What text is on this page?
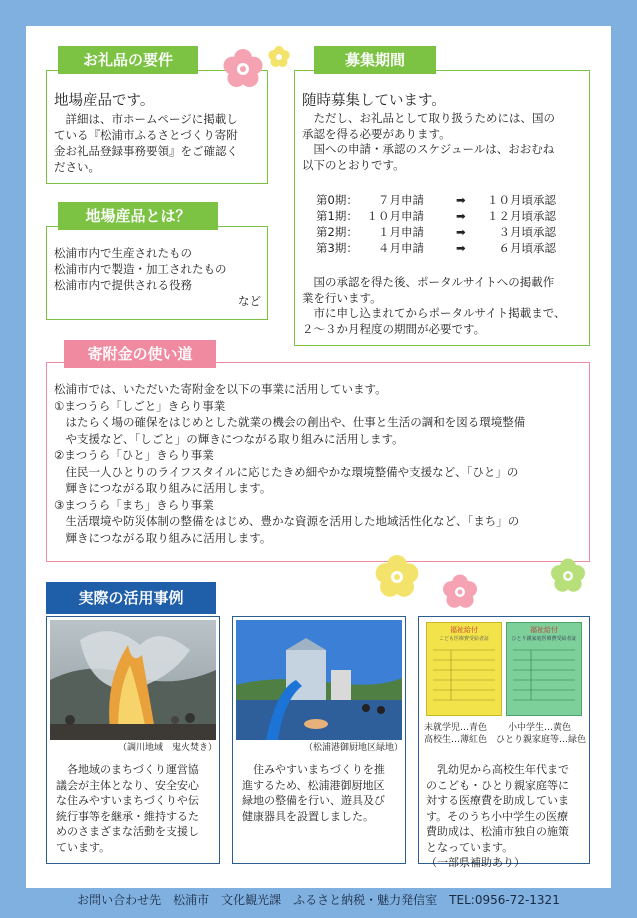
お礼品の要件
地場産品です。
　詳細は、市ホームページに掲載し
ている『松浦市ふるさとづくり寄附
金お礼品登録事務要領』をご確認く
ださい。
地場産品とは？
松浦市内で生産されたもの
松浦市内で製造・加工されたもの
松浦市内で提供される役務
など
募集期間
随時募集しています。
　ただし、お礼品として取り扱うためには、国の
承認を得る必要があります。
　国への申請・承認のスケジュールは、おおむね
以下のとおりです。
第0期：	７月申請	➡	１０月頃承認
第1期： １０月申請	➡	１２月頃承認
第2期：	１月申請	➡	３月頃承認
第3期：	４月申請	➡	６月頃承認
　国の承認を得た後、ポータルサイトへの掲載作
業を行います。
　市に申し込まれてからポータルサイト掲載まで、
２～３か月程度の期間が必要です。
寄附金の使い道
松浦市では、いただいた寄附金を以下の事業に活用しています。
①まつうら「しごと」きらり事業
　はたらく場の確保をはじめとした就業の機会の創出や、仕事と生活の調和を図る環境整備
　や支援など、「しごと」の輝きにつながる取り組みに活用します。
②まつうら「ひと」きらり事業
　住民一人ひとりのライフスタイルに応じたきめ細やかな環境整備や支援など、「ひと」の
　輝きにつながる取り組みに活用します。
③まつうら「まち」きらり事業
　生活環境や防災体制の整備をはじめ、豊かな資源を活用した地域活性化など、「まち」の
　輝きにつながる取り組みに活用します。
実際の活用事例
（調川地域　鬼火焚き）
　各地域のまちづくり運営協
議会が主体となり、安全安心
な住みやすいまちづくりや伝
統行事等を継承・維持するた
めのさまざまな活動を支援し
ています。
（松浦港御厨地区緑地）
　住みやすいまちづくりを推
進するため、松浦港御厨地区
緑地の整備を行い、遊具及び
健康器具を設置しました。
福祉給付
こども医療費受給者証
福祉給付
ひとり親家庭医療費受給者証
未就学児…青色 小中学生…黄色
高校生…薄紅色 ひとり親家庭等…緑色
　乳幼児から高校生年代まで
のこども・ひとり親家庭等に
対する医療費を助成していま
す。そのうち小中学生の医療
費助成は、松浦市独自の施策
となっています。
（一部県補助あり）
お問い合わせ先　松浦市　文化観光課　ふるさと納税・魅力発信室　TEL:0956-72-1321
